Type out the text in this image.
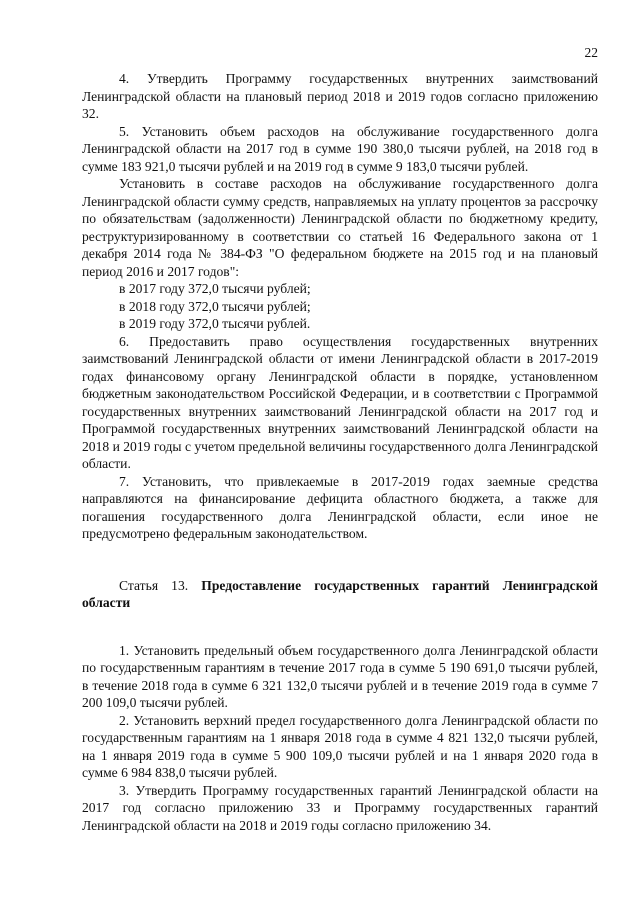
22

4. Утвердить Программу государственных внутренних заимствований Ленинградской области на плановый период 2018 и 2019 годов согласно приложению 32.

5. Установить объем расходов на обслуживание государственного долга Ленинградской области на 2017 год в сумме 190 380,0 тысячи рублей, на 2018 год в сумме 183 921,0 тысячи рублей и на 2019 год в сумме 9 183,0 тысячи рублей.

Установить в составе расходов на обслуживание государственного долга Ленинградской области сумму средств, направляемых на уплату процентов за рассрочку по обязательствам (задолженности) Ленинградской области по бюджетному кредиту, реструктуризированному в соответствии со статьей 16 Федерального закона от 1 декабря 2014 года № 384-ФЗ "О федеральном бюджете на 2015 год и на плановый период 2016 и 2017 годов":

в 2017 году 372,0 тысячи рублей;

в 2018 году 372,0 тысячи рублей;

в 2019 году 372,0 тысячи рублей.

6. Предоставить право осуществления государственных внутренних заимствований Ленинградской области от имени Ленинградской области в 2017-2019 годах финансовому органу Ленинградской области в порядке, установленном бюджетным законодательством Российской Федерации, и в соответствии с Программой государственных внутренних заимствований Ленинградской области на 2017 год и Программой государственных внутренних заимствований Ленинградской области на 2018 и 2019 годы с учетом предельной величины государственного долга Ленинградской области.

7. Установить, что привлекаемые в 2017-2019 годах заемные средства направляются на финансирование дефицита областного бюджета, а также для погашения государственного долга Ленинградской области, если иное не предусмотрено федеральным законодательством.

Статья 13. Предоставление государственных гарантий Ленинградской области

1. Установить предельный объем государственного долга Ленинградской области по государственным гарантиям в течение 2017 года в сумме 5 190 691,0 тысячи рублей, в течение 2018 года в сумме 6 321 132,0 тысячи рублей и в течение 2019 года в сумме 7 200 109,0 тысячи рублей.

2. Установить верхний предел государственного долга Ленинградской области по государственным гарантиям на 1 января 2018 года в сумме 4 821 132,0 тысячи рублей, на 1 января 2019 года в сумме 5 900 109,0 тысячи рублей и на 1 января 2020 года в сумме 6 984 838,0 тысячи рублей.

3. Утвердить Программу государственных гарантий Ленинградской области на 2017 год согласно приложению 33 и Программу государственных гарантий Ленинградской области на 2018 и 2019 годы согласно приложению 34.
